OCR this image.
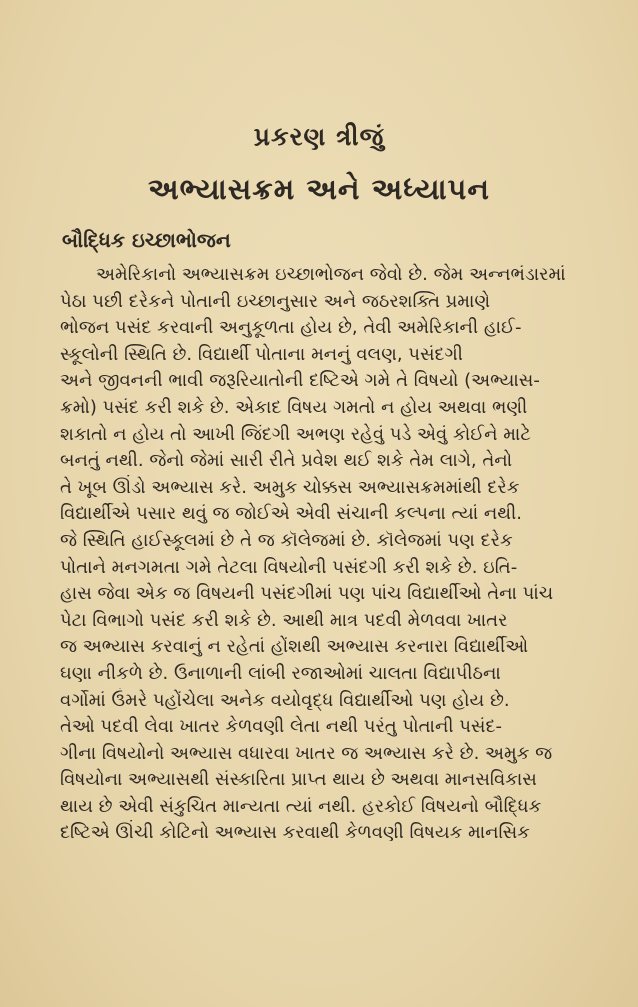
પ્રકરણ ત્રીજું
અભ્યાસક્રમ અને અધ્યાપન
બૌદ્ધિક ઇચ્છાભોજન
અમેરિકાનો અભ્યાસક્રમ ઇચ્છાભોજન જેવો છે. જેમ અન્નભંડારમાં
પેઠા પછી દરેકને પોતાની ઇચ્છાનુસાર અને જઠરશક્તિ પ્રમાણે
ભોજન પસંદ કરવાની અનુકૂળતા હોય છે, તેવી અમેરિકાની હાઈ-
સ્કૂલોની સ્થિતિ છે. વિદ્યાર્થી પોતાના મનનું વલણ, પસંદગી
અને જીવનની ભાવી જરૂરિયાતોની દષ્ટિએ ગમે તે વિષયો (અભ્યાસ-
ક્રમો) પસંદ કરી શકે છે. એકાદ વિષય ગમતો ન હોય અથવા ભણી
શકાતો ન હોય તો આખી જિંદગી અભણ રહેવું પડે એવું કોઈને માટે
બનતું નથી. જેનો જેમાં સારી રીતે પ્રવેશ થઈ શકે તેમ લાગે, તેનો
તે ખૂબ ઊંડો અભ્યાસ કરે. અમુક ચોક્કસ અભ્યાસક્રમમાંથી દરેક
વિદ્યાર્થીએ પસાર થવું જ જોઈએ એવી સંચાની કલ્પના ત્યાં નથી.
જે સ્થિતિ હાઈસ્કૂલમાં છે તે જ કૉલેજમાં છે. કૉલેજમાં પણ દરેક
પોતાને મનગમતા ગમે તેટલા વિષયોની પસંદગી કરી શકે છે. ઇતિ-
હાસ જેવા એક જ વિષયની પસંદગીમાં પણ પાંચ વિદ્યાર્થીઓ તેના પાંચ
પેટા વિભાગો પસંદ કરી શકે છે. આથી માત્ર પદવી મેળવવા ખાતર
જ અભ્યાસ કરવાનું ન રહેતાં હોંશથી અભ્યાસ કરનારા વિદ્યાર્થીઓ
ઘણા નીકળે છે. ઉનાળાની લાંબી રજાઓમાં ચાલતા વિદ્યાપીઠના
વર્ગોમાં ઉંમરે પહોંચેલા અનેક વયોવૃદ્ધ વિદ્યાર્થીઓ પણ હોય છે.
તેઓ પદવી લેવા ખાતર કેળવણી લેતા નથી પરંતુ પોતાની પસંદ-
ગીના વિષયોનો અભ્યાસ વધારવા ખાતર જ અભ્યાસ કરે છે. અમુક જ
વિષયોના અભ્યાસથી સંસ્કારિતા પ્રાપ્ત થાય છે અથવા માનસવિકાસ
થાય છે એવી સંકુચિત માન્યતા ત્યાં નથી. હરકોઈ વિષયનો બૌદ્ધિક
દષ્ટિએ ઊંચી કોટિનો અભ્યાસ કરવાથી કેળવણી વિષયક માનસિક
